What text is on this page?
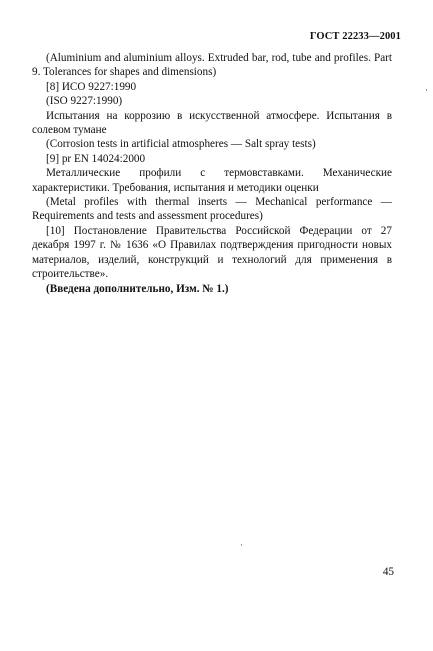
ГОСТ 22233—2001

(Aluminium and aluminium alloys. Extruded bar, rod, tube and profiles. Part 9. Tolerances for shapes and dimensions)

[8] ИСО 9227:1990

(ISO 9227:1990)

Испытания на коррозию в искусственной атмосфере. Испытания в солевом тумане

(Corrosion tests in artificial atmospheres — Salt spray tests)

[9] pr EN 14024:2000

Металлические профили с термовставками. Механические характеристики. Требования, испытания и методики оценки

(Metal profiles with thermal inserts — Mechanical performance — Requirements and tests and assessment procedures)

[10] Постановление Правительства Российской Федерации от 27 декабря 1997 г. № 1636 «О Правилах подтверждения пригодности новых материалов, изделий, конструкций и технологий для применения в строительстве».

(Введена дополнительно, Изм. № 1.)

·
·
45
